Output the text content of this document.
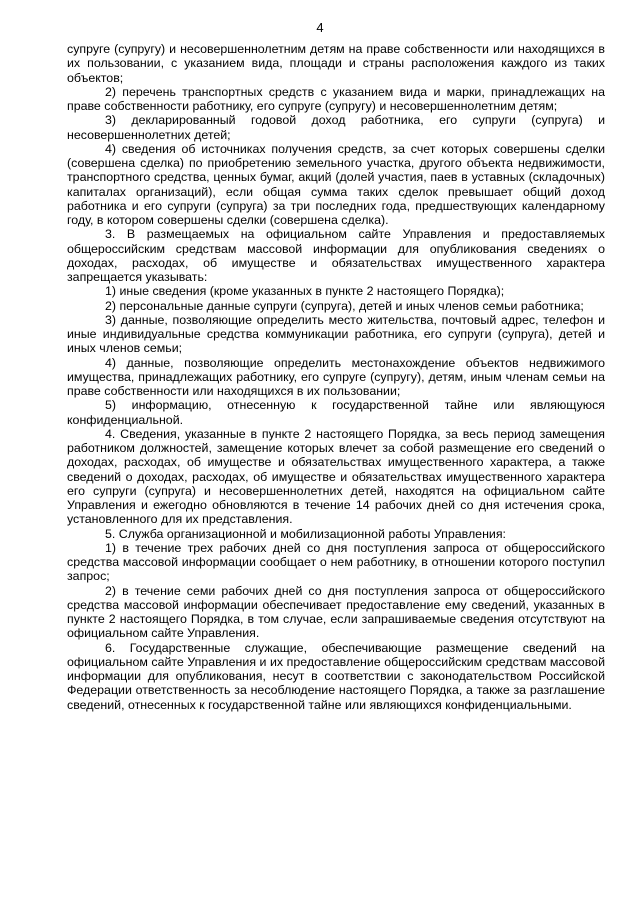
4

супруге (супругу) и несовершеннолетним детям на праве собственности или находящихся в их пользовании, с указанием вида, площади и страны расположения каждого из таких объектов;

2) перечень транспортных средств с указанием вида и марки, принадлежащих на праве собственности работнику, его супруге (супругу) и несовершеннолетним детям;

3) декларированный годовой доход работника, его супруги (супруга) и несовершеннолетних детей;

4) сведения об источниках получения средств, за счет которых совершены сделки (совершена сделка) по приобретению земельного участка, другого объекта недвижимости, транспортного средства, ценных бумаг, акций (долей участия, паев в уставных (складочных) капиталах организаций), если общая сумма таких сделок превышает общий доход работника и его супруги (супруга) за три последних года, предшествующих календарному году, в котором совершены сделки (совершена сделка).

3. В размещаемых на официальном сайте Управления и предоставляемых общероссийским средствам массовой информации для опубликования сведениях о доходах, расходах, об имуществе и обязательствах имущественного характера запрещается указывать:

1) иные сведения (кроме указанных в пункте 2 настоящего Порядка);

2) персональные данные супруги (супруга), детей и иных членов семьи работника;

3) данные, позволяющие определить место жительства, почтовый адрес, телефон и иные индивидуальные средства коммуникации работника, его супруги (супруга), детей и иных членов семьи;

4) данные, позволяющие определить местонахождение объектов недвижимого имущества, принадлежащих работнику, его супруге (супругу), детям, иным членам семьи на праве собственности или находящихся в их пользовании;

5) информацию, отнесенную к государственной тайне или являющуюся конфиденциальной.

4. Сведения, указанные в пункте 2 настоящего Порядка, за весь период замещения работником должностей, замещение которых влечет за собой размещение его сведений о доходах, расходах, об имуществе и обязательствах имущественного характера, а также сведений о доходах, расходах, об имуществе и обязательствах имущественного характера его супруги (супруга) и несовершеннолетних детей, находятся на официальном сайте Управления и ежегодно обновляются в течение 14 рабочих дней со дня истечения срока, установленного для их представления.

5. Служба организационной и мобилизационной работы Управления:

1) в течение трех рабочих дней со дня поступления запроса от общероссийского средства массовой информации сообщает о нем работнику, в отношении которого поступил запрос;

2) в течение семи рабочих дней со дня поступления запроса от общероссийского средства массовой информации обеспечивает предоставление ему сведений, указанных в пункте 2 настоящего Порядка, в том случае, если запрашиваемые сведения отсутствуют на официальном сайте Управления.

6. Государственные служащие, обеспечивающие размещение сведений на официальном сайте Управления и их предоставление общероссийским средствам массовой информации для опубликования, несут в соответствии с законодательством Российской Федерации ответственность за несоблюдение настоящего Порядка, а также за разглашение сведений, отнесенных к государственной тайне или являющихся конфиденциальными.
